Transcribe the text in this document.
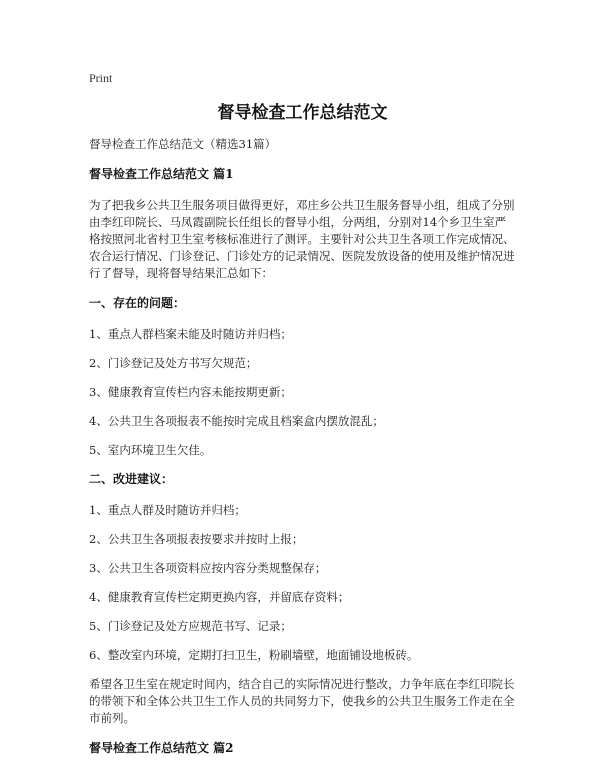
Print
督导检查工作总结范文
督导检查工作总结范文（精选31篇）
督导检查工作总结范文 篇1
为了把我乡公共卫生服务项目做得更好，邓庄乡公共卫生服务督导小组，组成了分别由李红印院长、马凤霞副院长任组长的督导小组，分两组，分别对14个乡卫生室严格按照河北省村卫生室考核标准进行了测评。主要针对公共卫生各项工作完成情况、农合运行情况、门诊登记、门诊处方的记录情况、医院发放设备的使用及维护情况进行了督导，现将督导结果汇总如下：
一、存在的问题：
1、重点人群档案未能及时随访并归档；
2、门诊登记及处方书写欠规范；
3、健康教育宣传栏内容未能按期更新；
4、公共卫生各项报表不能按时完成且档案盒内摆放混乱；
5、室内环境卫生欠佳。
二、改进建议：
1、重点人群及时随访并归档；
2、公共卫生各项报表按要求并按时上报；
3、公共卫生各项资料应按内容分类规整保存；
4、健康教育宣传栏定期更换内容，并留底存资料；
5、门诊登记及处方应规范书写、记录；
6、整改室内环境，定期打扫卫生，粉刷墙壁，地面铺设地板砖。
希望各卫生室在规定时间内，结合自己的实际情况进行整改，力争年底在李红印院长的带领下和全体公共卫生工作人员的共同努力下，使我乡的公共卫生服务工作走在全市前列。
督导检查工作总结范文 篇2
